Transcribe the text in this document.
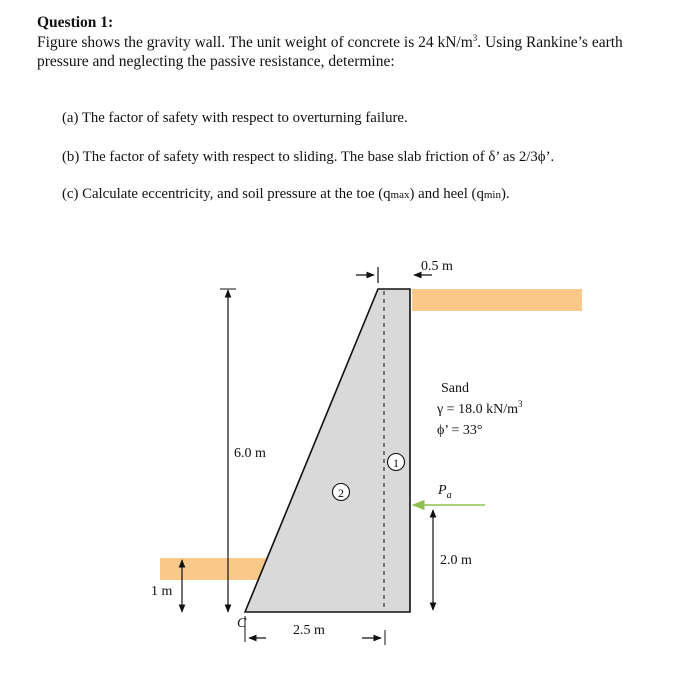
Question 1:
Figure shows the gravity wall. The unit weight of concrete is 24 $kN/m^3$. Using Rankine’s earth pressure and neglecting the passive resistance, determine:
(a) The factor of safety with respect to overturning failure.
(b) The factor of safety with respect to sliding. The base slab friction of δ’ as 2/3ϕ’.
(c) Calculate eccentricity, and soil pressure at the toe (qmax) and heel (qmin).
6.0 m
1 m
0.5 m
2.5 m
C
1
2
Sand
γ = 18.0 $kN/m^3$
ϕ’ = 33°
$P_a$
2.0 m
